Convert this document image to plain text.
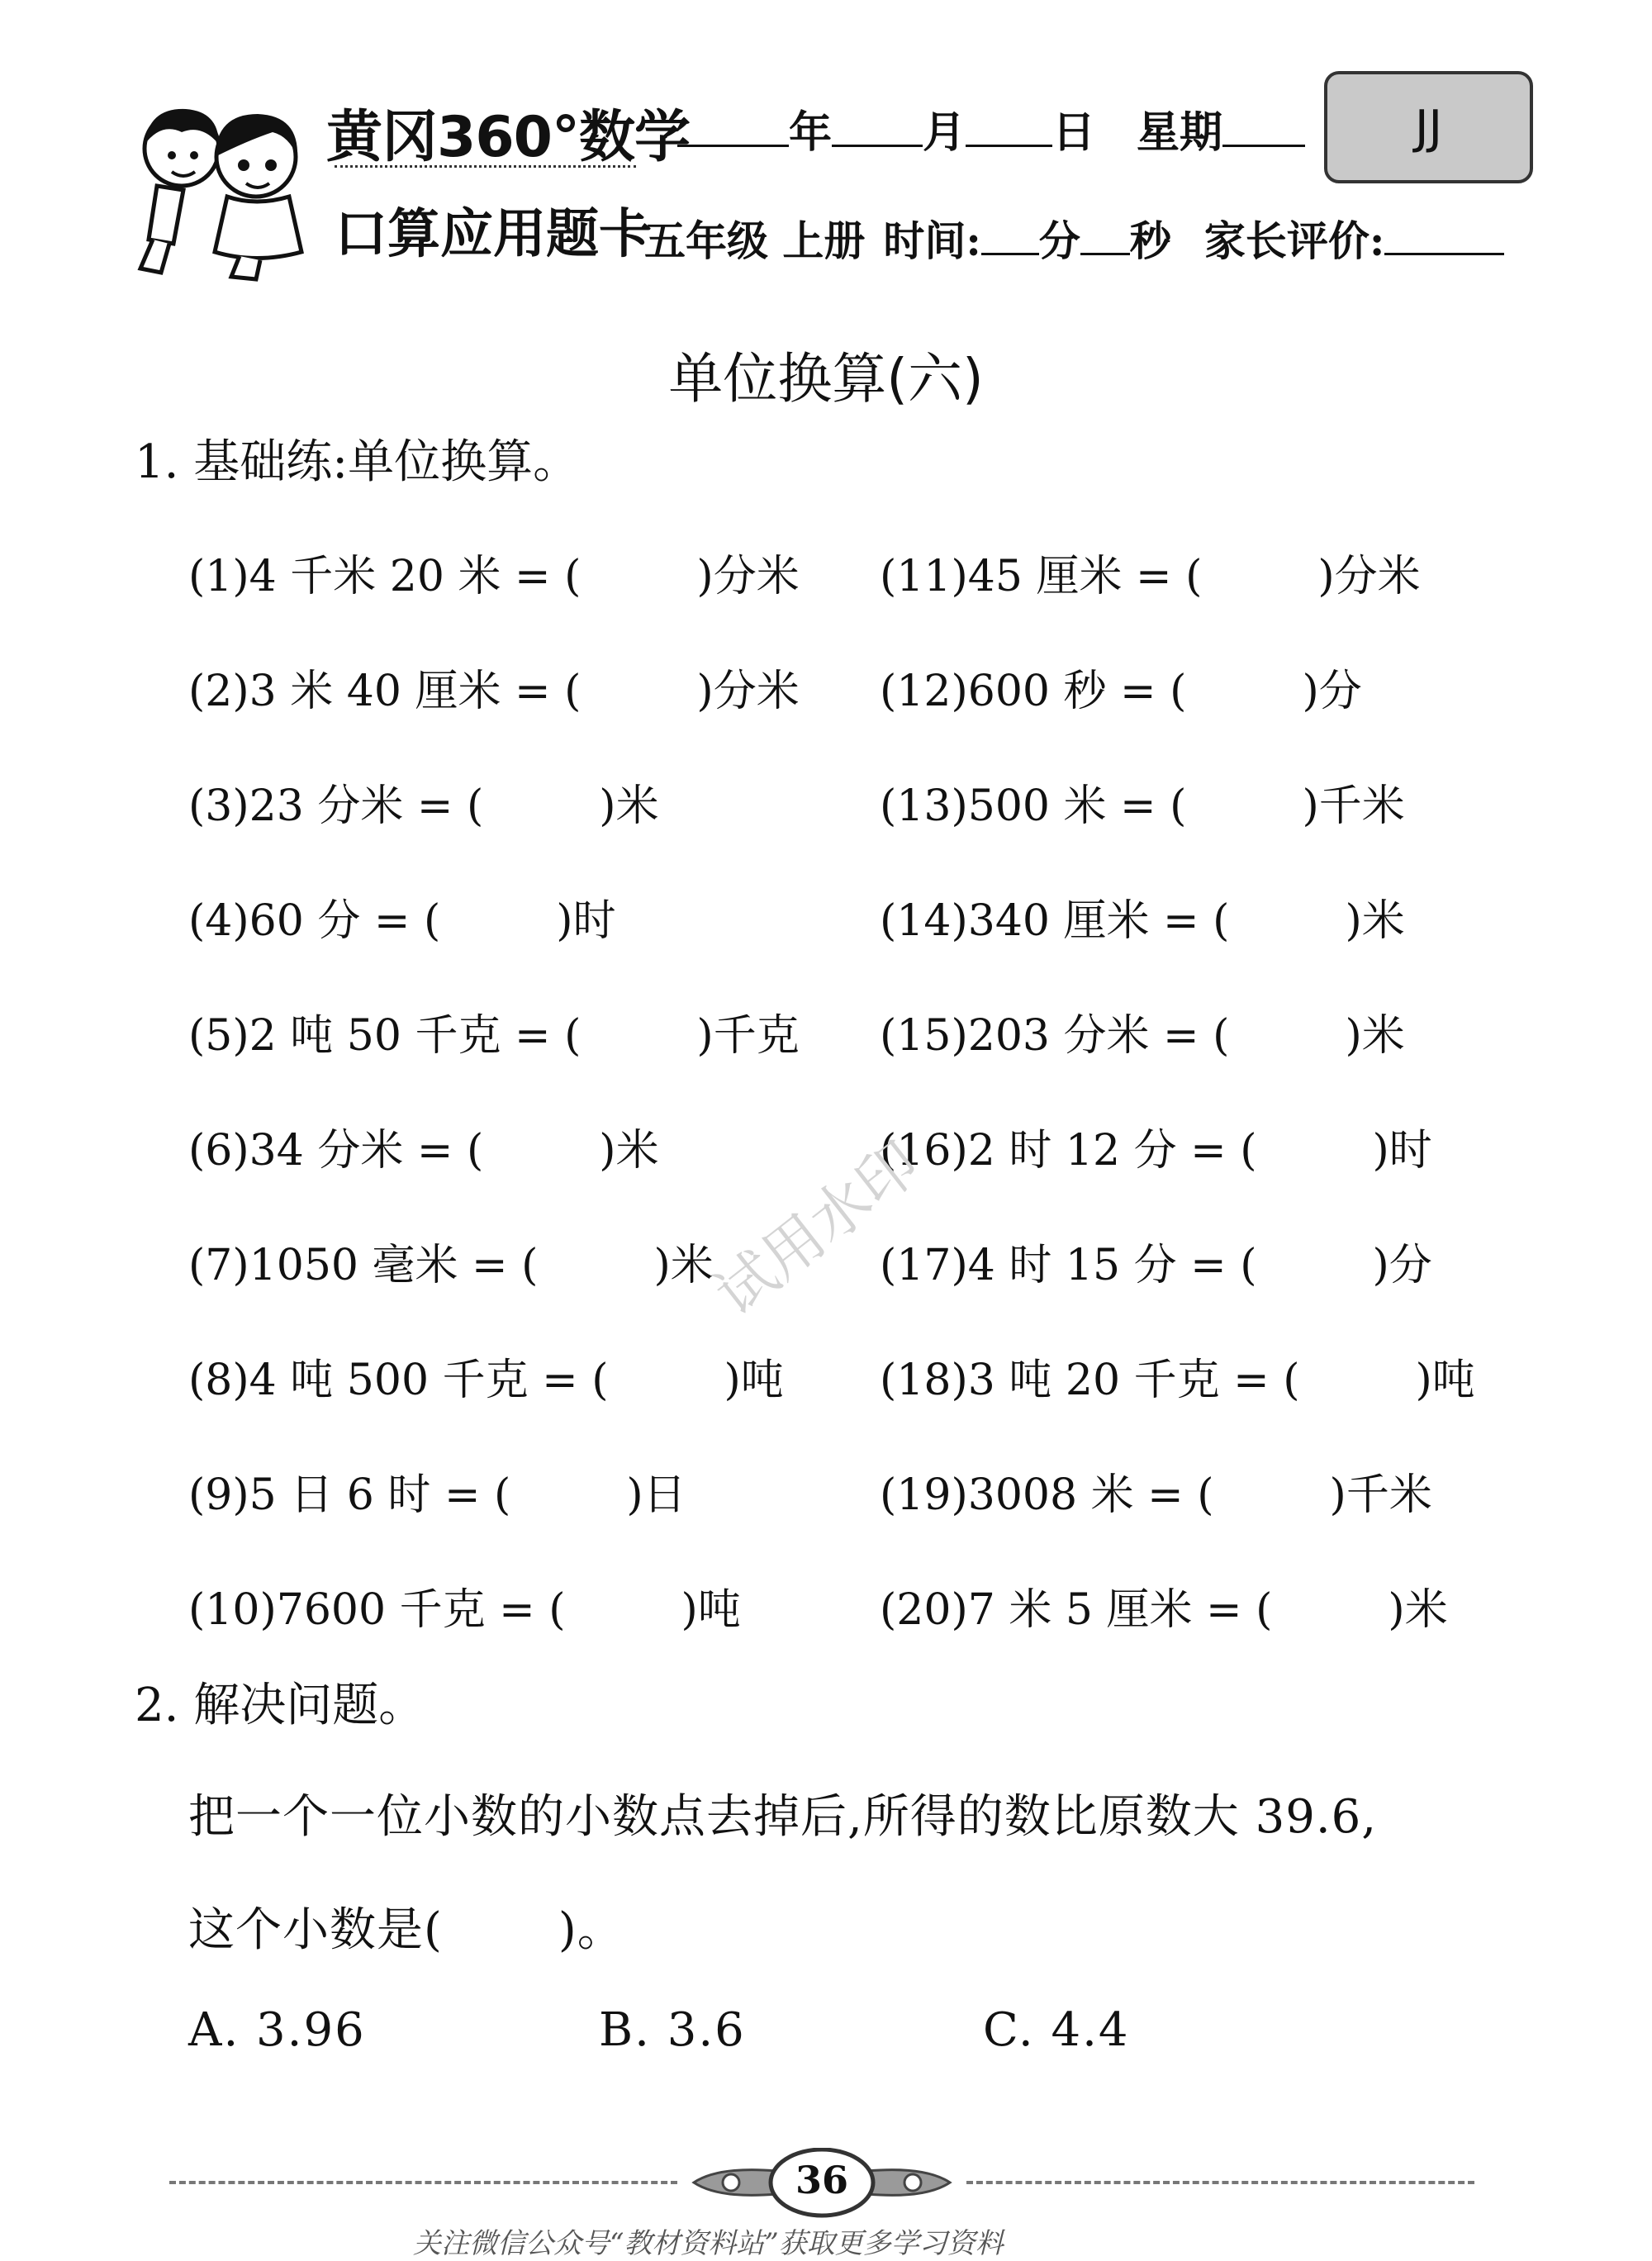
黄冈360°数学
口算应用题卡
年 月 日 星期	JJ
五年级 上册 时间: 分 秒 家长评价:
单位换算(六)
1. 基础练:单位换算。
(1)4 千米 20 米 = (	)分米
(2)3 米 40 厘米 = (	)分米
(3)23 分米 = (	)米
(4)60 分 = (	)时
(5)2 吨 50 千克 = (	)千克
(6)34 分米 = (	)米
(7)1050 毫米 = (	)米
(8)4 吨 500 千克 = (	)吨
(9)5 日 6 时 = (	)日
(10)7600 千克 = (	)吨
(11)45 厘米 = (	)分米
(12)600 秒 = (	)分
(13)500 米 = (	)千米
(14)340 厘米 = (	)米
(15)203 分米 = (	)米
(16)2 时 12 分 = (	)时
(17)4 时 15 分 = (	)分
(18)3 吨 20 千克 = (	)吨
(19)3008 米 = (	)千米
(20)7 米 5 厘米 = (	)米
试用水印
2. 解决问题。
把一个一位小数的小数点去掉后,所得的数比原数大 39.6,
这个小数是(	)。
A. 3.96	B. 3.6	C. 4.4
36
关注微信公众号“教材资料站”获取更多学习资料
